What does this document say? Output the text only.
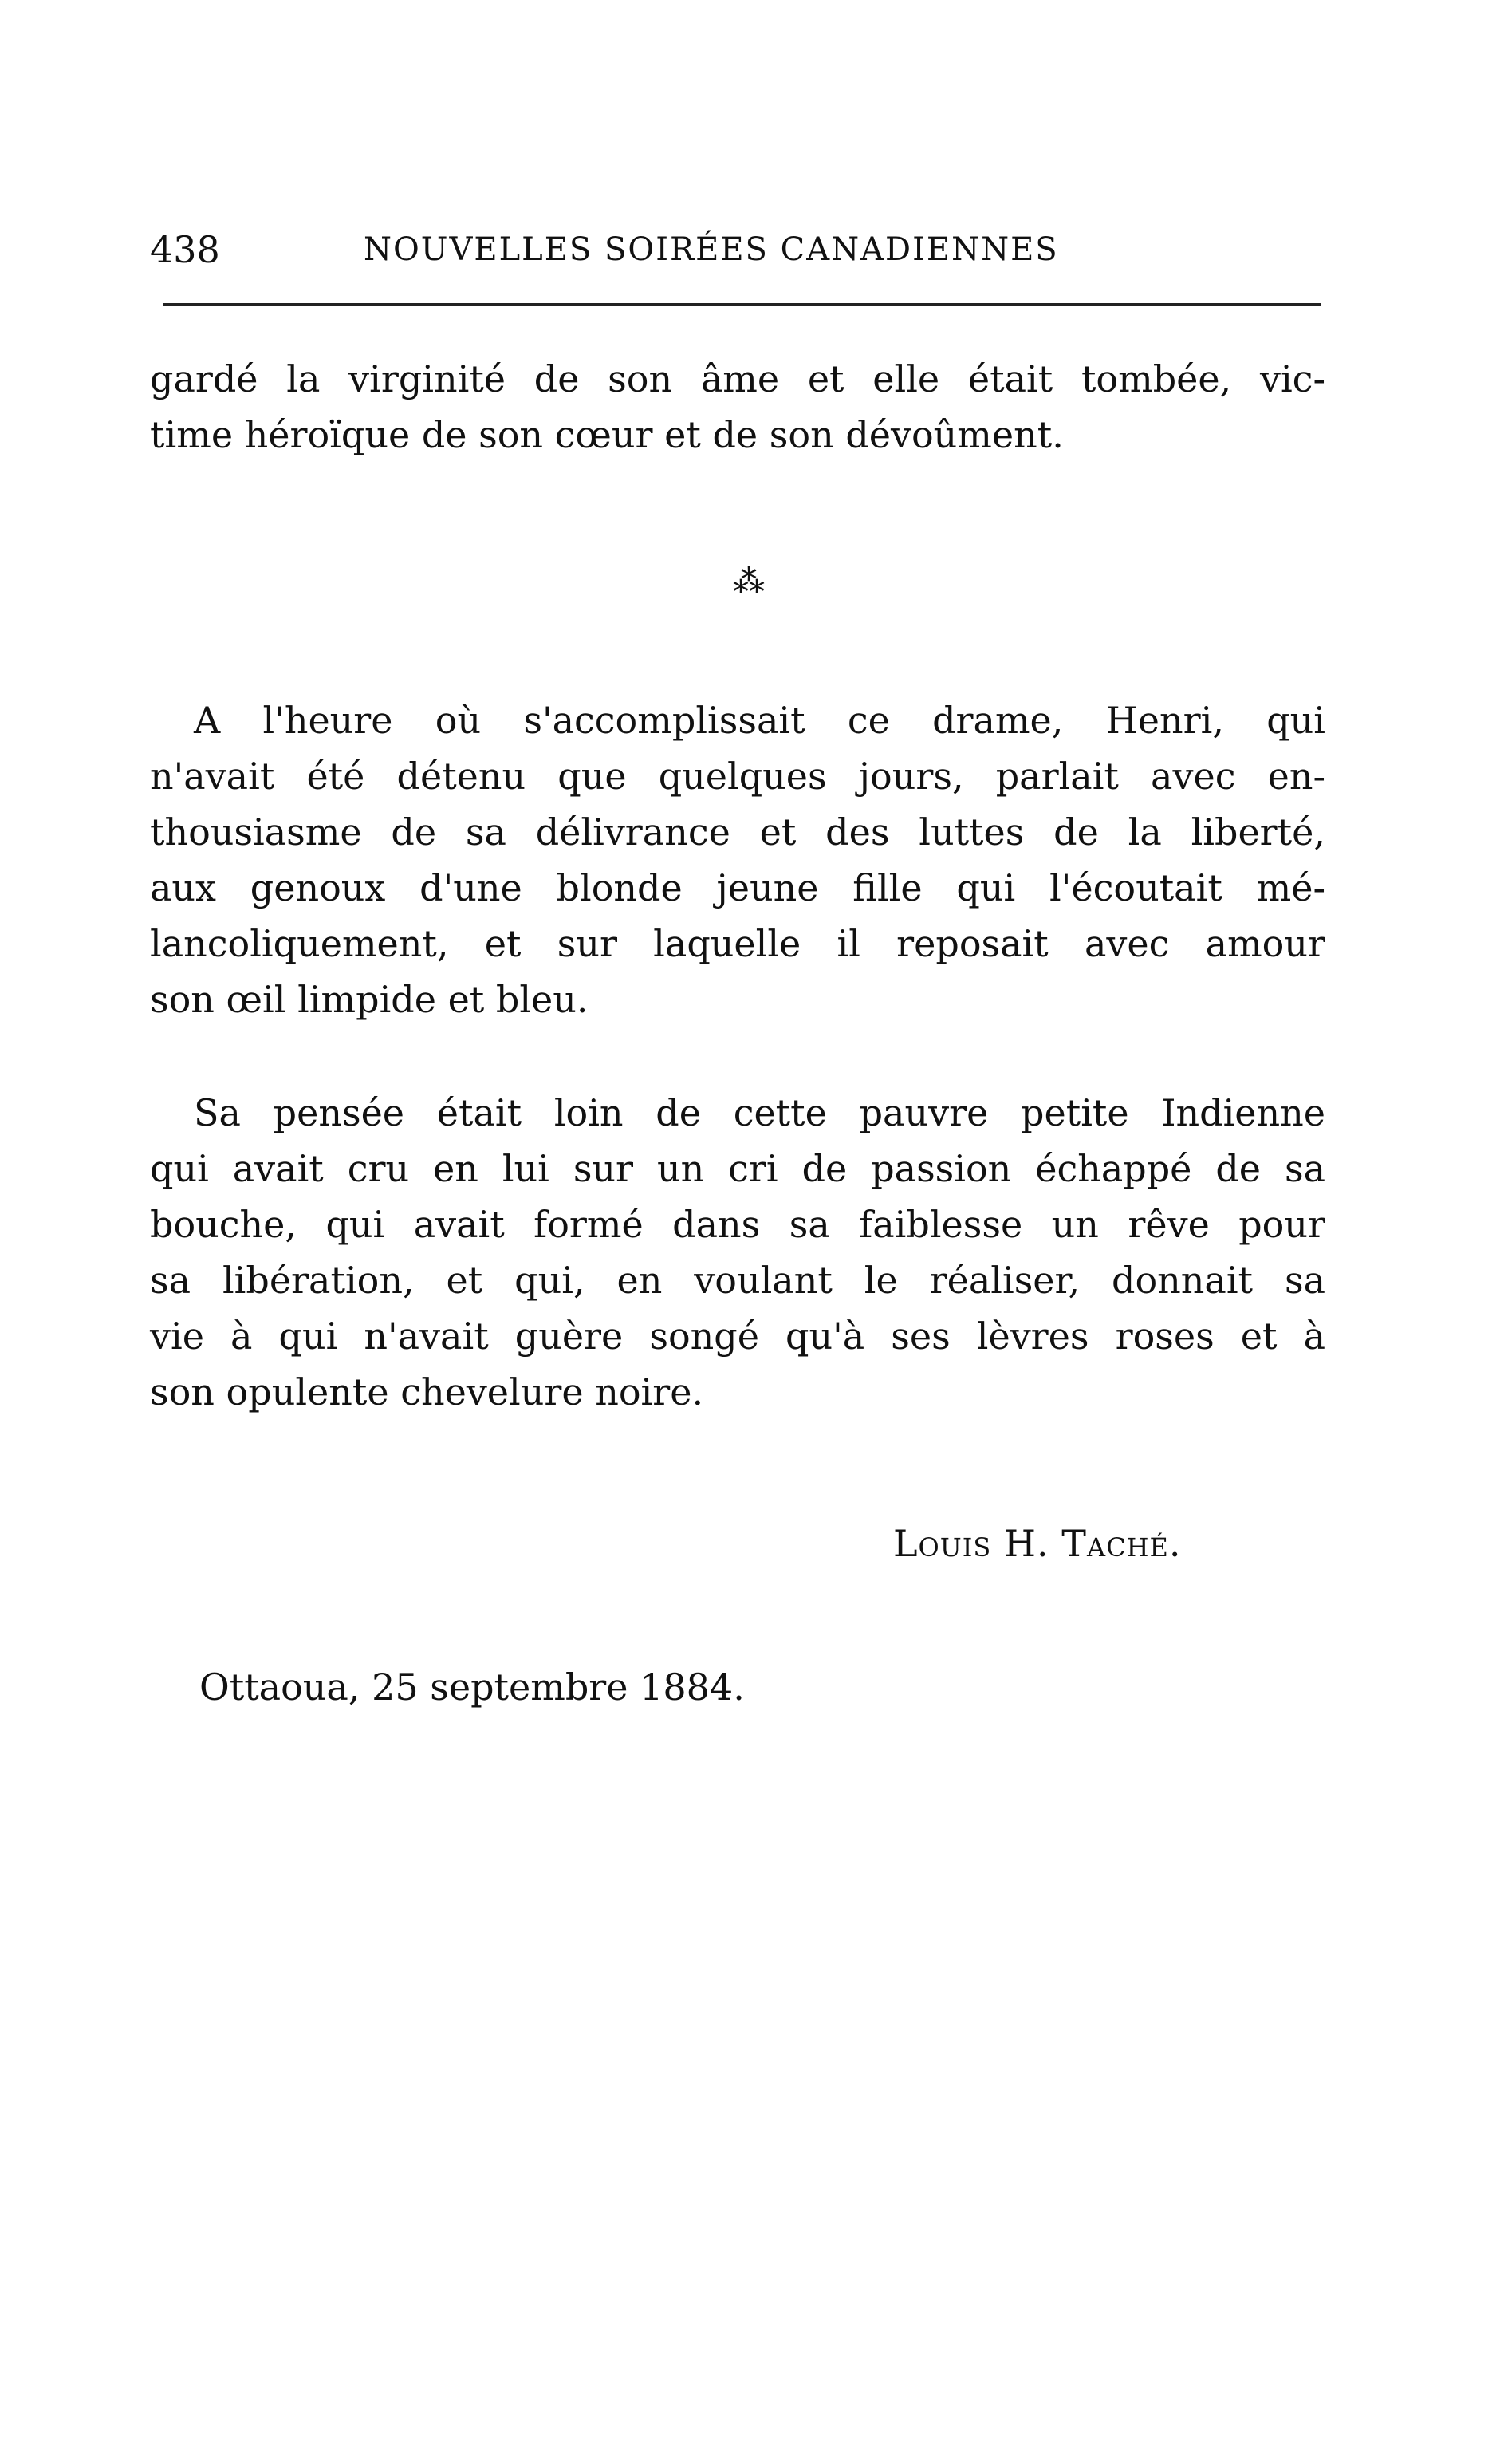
438	NOUVELLES SOIRÉES CANADIENNES
gardé la virginité de son âme et elle était tombée, vic-
time héroïque de son cœur et de son dévoûment.
⁂
A l'heure où s'accomplissait ce drame, Henri, qui
n'avait été détenu que quelques jours, parlait avec en-
thousiasme de sa délivrance et des luttes de la liberté,
aux genoux d'une blonde jeune fille qui l'écoutait mé-
lancoliquement, et sur laquelle il reposait avec amour
son œil limpide et bleu.
Sa pensée était loin de cette pauvre petite Indienne
qui avait cru en lui sur un cri de passion échappé de sa
bouche, qui avait formé dans sa faiblesse un rêve pour
sa libération, et qui, en voulant le réaliser, donnait sa
vie à qui n'avait guère songé qu'à ses lèvres roses et à
son opulente chevelure noire.
Louis H. Taché.
Ottaoua, 25 septembre 1884.
